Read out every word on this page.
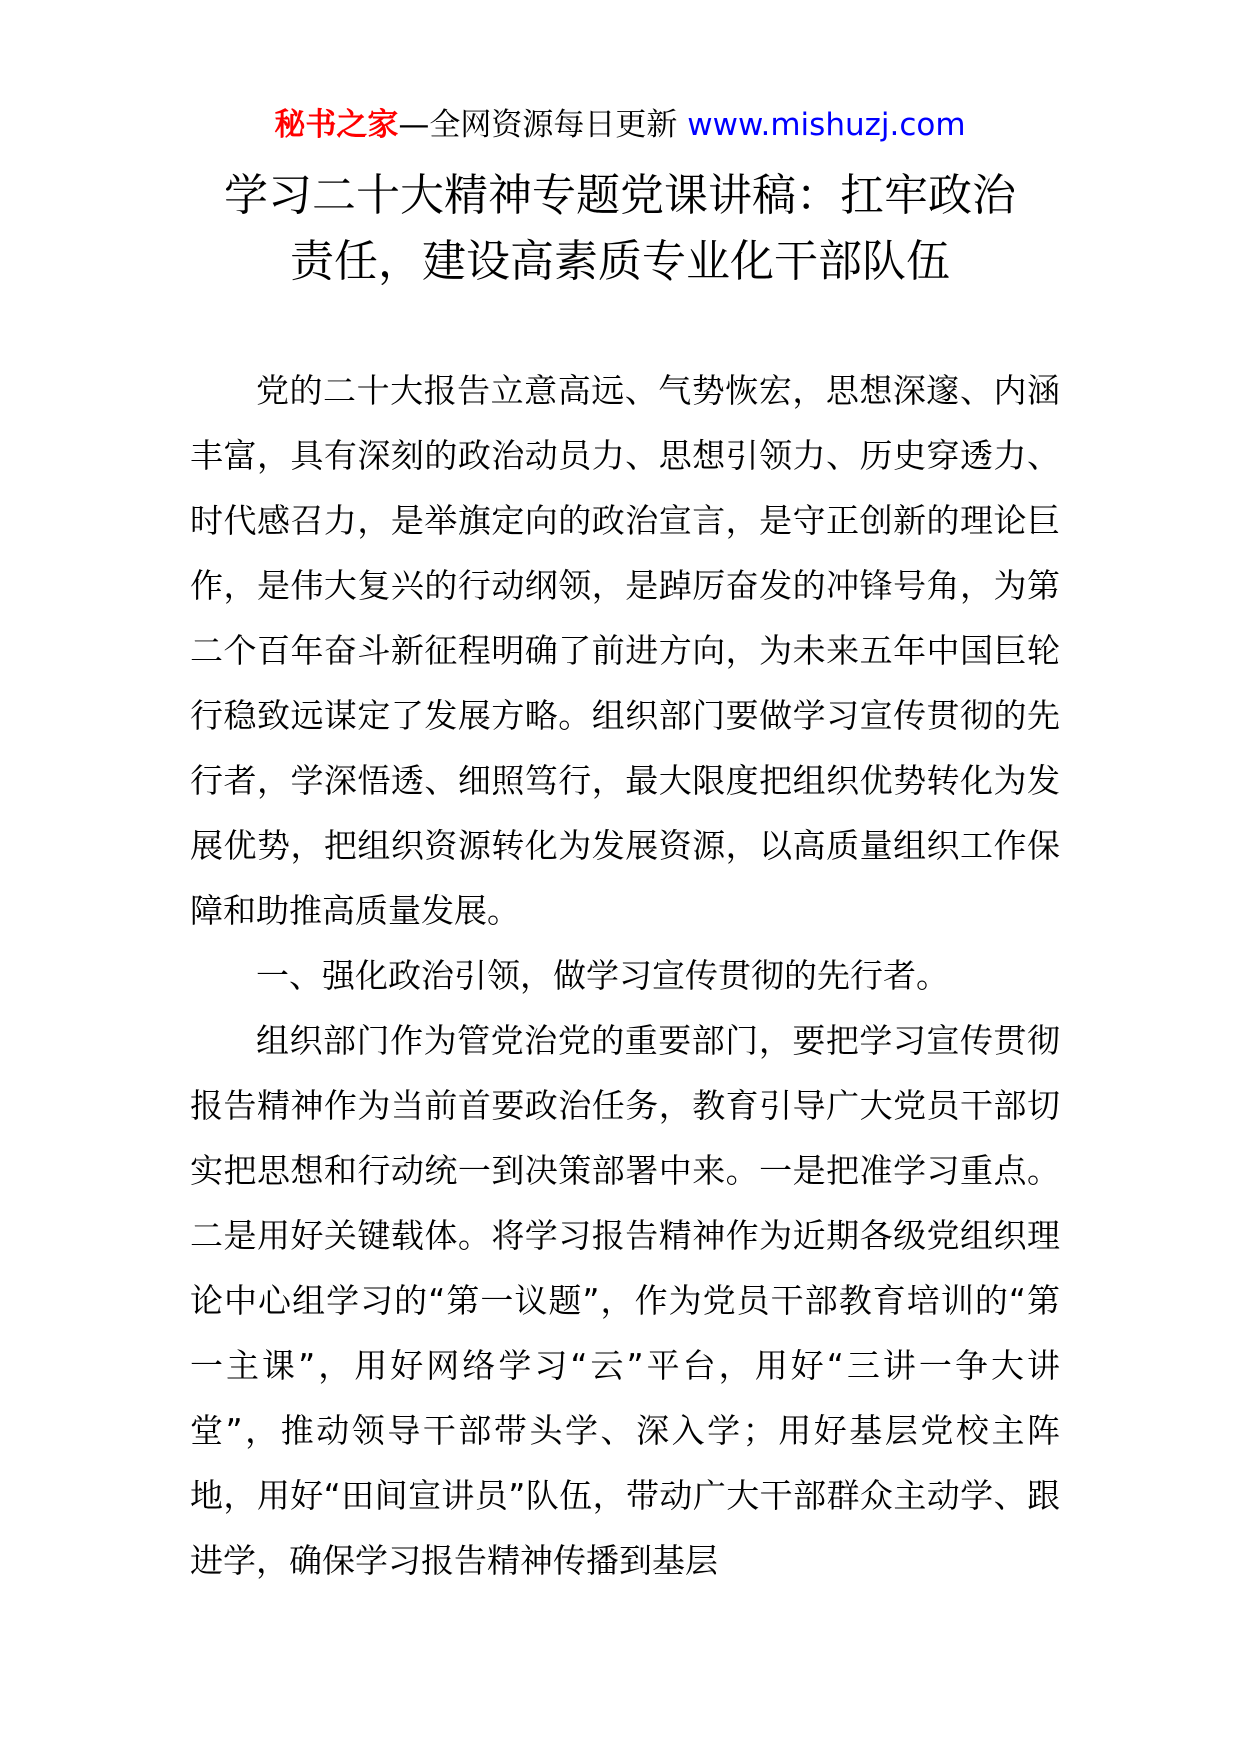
秘书之家—全网资源每日更新 www.mishuzj.com
学习二十大精神专题党课讲稿：扛牢政治
责任，建设高素质专业化干部队伍

党的二十大报告立意高远、气势恢宏，思想深邃、内涵丰富，具有深刻的政治动员力、思想引领力、历史穿透力、时代感召力，是举旗定向的政治宣言，是守正创新的理论巨作，是伟大复兴的行动纲领，是踔厉奋发的冲锋号角，为第二个百年奋斗新征程明确了前进方向，为未来五年中国巨轮行稳致远谋定了发展方略。组织部门要做学习宣传贯彻的先行者，学深悟透、细照笃行，最大限度把组织优势转化为发展优势，把组织资源转化为发展资源，以高质量组织工作保障和助推高质量发展。

一、强化政治引领，做学习宣传贯彻的先行者。

组织部门作为管党治党的重要部门，要把学习宣传贯彻报告精神作为当前首要政治任务，教育引导广大党员干部切实把思想和行动统一到决策部署中来。一是把准学习重点。二是用好关键载体。将学习报告精神作为近期各级党组织理论中心组学习的“第一议题”，作为党员干部教育培训的“第一主课”，用好网络学习“云”平台，用好“三讲一争大讲堂”，推动领导干部带头学、深入学；用好基层党校主阵地，用好“田间宣讲员”队伍，带动广大干部群众主动学、跟进学，确保学习报告精神传播到基层
